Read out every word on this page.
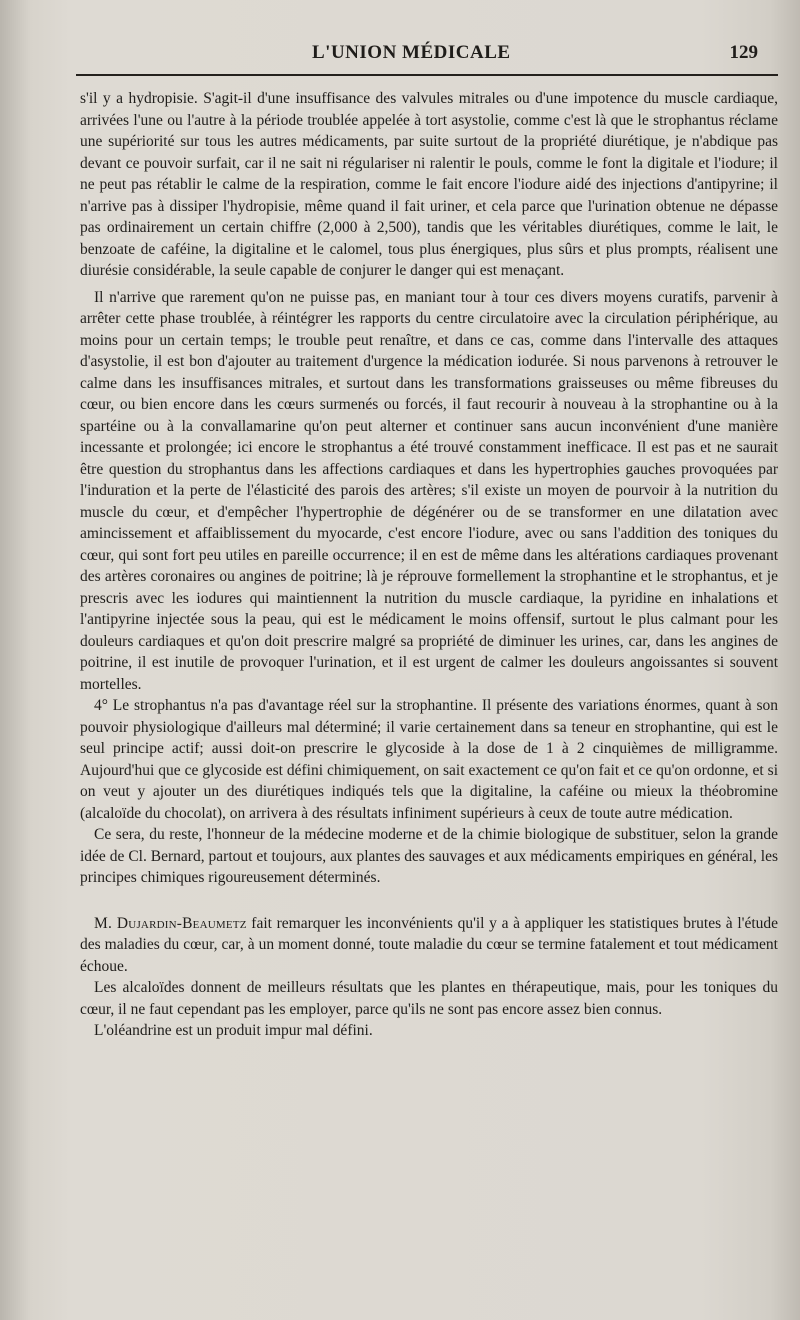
L'UNION MÉDICALE	129

s'il y a hydropisie. S'agit-il d'une insuffisance des valvules mitrales ou d'une impotence du muscle cardiaque, arrivées l'une ou l'autre à la période troublée appelée à tort asystolie, comme c'est là que le strophantus réclame une supériorité sur tous les autres médicaments, par suite surtout de la propriété diurétique, je n'abdique pas devant ce pouvoir surfait, car il ne sait ni régulariser ni ralentir le pouls, comme le font la digitale et l'iodure; il ne peut pas rétablir le calme de la respiration, comme le fait encore l'iodure aidé des injections d'antipyrine; il n'arrive pas à dissiper l'hydropisie, même quand il fait uriner, et cela parce que l'urination obtenue ne dépasse pas ordinairement un certain chiffre (2,000 à 2,500), tandis que les véritables diurétiques, comme le lait, le benzoate de caféine, la digitaline et le calomel, tous plus énergiques, plus sûrs et plus prompts, réalisent une diurésie considérable, la seule capable de conjurer le danger qui est menaçant.

Il n'arrive que rarement qu'on ne puisse pas, en maniant tour à tour ces divers moyens curatifs, parvenir à arrêter cette phase troublée, à réintégrer les rapports du centre circulatoire avec la circulation périphérique, au moins pour un certain temps; le trouble peut renaître, et dans ce cas, comme dans l'intervalle des attaques d'asystolie, il est bon d'ajouter au traitement d'urgence la médication iodurée. Si nous parvenons à retrouver le calme dans les insuffisances mitrales, et surtout dans les transformations graisseuses ou même fibreuses du cœur, ou bien encore dans les cœurs surmenés ou forcés, il faut recourir à nouveau à la strophantine ou à la spartéine ou à la convallamarine qu'on peut alterner et continuer sans aucun inconvénient d'une manière incessante et prolongée; ici encore le strophantus a été trouvé constamment inefficace. Il est pas et ne saurait être question du strophantus dans les affections cardiaques et dans les hypertrophies gauches provoquées par l'induration et la perte de l'élasticité des parois des artères; s'il existe un moyen de pourvoir à la nutrition du muscle du cœur, et d'empêcher l'hypertrophie de dégénérer ou de se transformer en une dilatation avec amincissement et affaiblissement du myocarde, c'est encore l'iodure, avec ou sans l'addition des toniques du cœur, qui sont fort peu utiles en pareille occurrence; il en est de même dans les altérations cardiaques provenant des artères coronaires ou angines de poitrine; là je réprouve formellement la strophantine et le strophantus, et je prescris avec les iodures qui maintiennent la nutrition du muscle cardiaque, la pyridine en inhalations et l'antipyrine injectée sous la peau, qui est le médicament le moins offensif, surtout le plus calmant pour les douleurs cardiaques et qu'on doit prescrire malgré sa propriété de diminuer les urines, car, dans les angines de poitrine, il est inutile de provoquer l'urination, et il est urgent de calmer les douleurs angoissantes si souvent mortelles.

4° Le strophantus n'a pas d'avantage réel sur la strophantine. Il présente des variations énormes, quant à son pouvoir physiologique d'ailleurs mal déterminé; il varie certainement dans sa teneur en strophantine, qui est le seul principe actif; aussi doit-on prescrire le glycoside à la dose de 1 à 2 cinquièmes de milligramme. Aujourd'hui que ce glycoside est défini chimiquement, on sait exactement ce qu'on fait et ce qu'on ordonne, et si on veut y ajouter un des diurétiques indiqués tels que la digitaline, la caféine ou mieux la théobromine (alcaloïde du chocolat), on arrivera à des résultats infiniment supérieurs à ceux de toute autre médication.

Ce sera, du reste, l'honneur de la médecine moderne et de la chimie biologique de substituer, selon la grande idée de Cl. Bernard, partout et toujours, aux plantes des sauvages et aux médicaments empiriques en général, les principes chimiques rigoureusement déterminés.

M. Dujardin-Beaumetz fait remarquer les inconvénients qu'il y a à appliquer les statistiques brutes à l'étude des maladies du cœur, car, à un moment donné, toute maladie du cœur se termine fatalement et tout médicament échoue.

Les alcaloïdes donnent de meilleurs résultats que les plantes en thérapeutique, mais, pour les toniques du cœur, il ne faut cependant pas les employer, parce qu'ils ne sont pas encore assez bien connus.

L'oléandrine est un produit impur mal défini.
